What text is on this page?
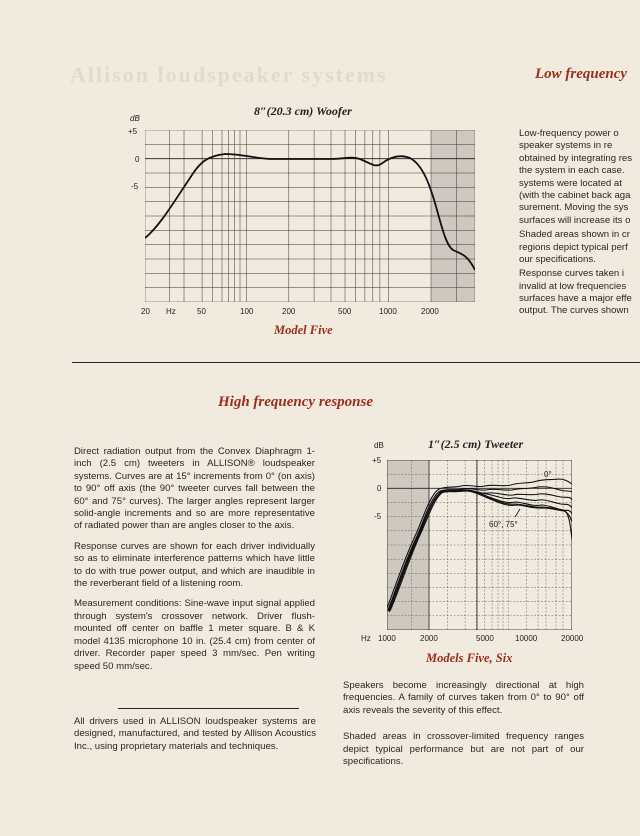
Allison loudspeaker systems	Low frequency
8″(20.3 cm) Woofer
dB
+5
0
-5
20 Hz	50	100	200	500	1000	2000
Model Five
Low-frequency power o
speaker systems in re
obtained by integrating res
the system in each case.
systems were located at
(with the cabinet back aga
surement. Moving the sys
surfaces will increase its o
Shaded areas shown in cr
regions depict typical perf
our specifications.
Response curves taken i
invalid at low frequencies
surfaces have a major effe
output. The curves shown
High frequency response

Direct radiation output from the Convex Diaphragm 1-inch (2.5 cm) tweeters in ALLISON® loudspeaker systems. Curves are at 15° increments from 0° (on axis) to 90° off axis (the 90° tweeter curves fall between the 60° and 75° curves). The larger angles represent larger solid-angle increments and so are more representative of radiated power than are angles closer to the axis.

Response curves are shown for each driver individually so as to eliminate interference patterns which have little to do with true power output, and which are inaudible in the reverberant field of a listening room.

Measurement conditions: Sine-wave input signal applied through system's crossover network. Driver flush-mounted off center on baffle 1 meter square. B & K model 4135 microphone 10 in. (25.4 cm) from center of driver. Recorder paper speed 3 mm/sec. Pen writing speed 50 mm/sec.

All drivers used in ALLISON loudspeaker systems are designed, manufactured, and tested by Allison Acoustics Inc., using proprietary materials and techniques.
1″(2.5 cm) Tweeter
dB
+5
0
-5
0°
60°, 75°
Hz 1000	2000	5000	10000	20000
Models Five, Six

Speakers become increasingly directional at high frequencies. A family of curves taken from 0° to 90° off axis reveals the severity of this effect.

Shaded areas in crossover-limited frequency ranges depict typical performance but are not part of our specifications.
